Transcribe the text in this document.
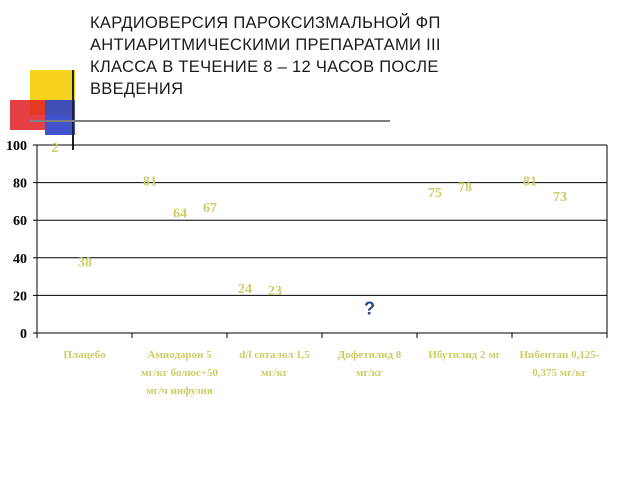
КАРДИОВЕРСИЯ ПАРОКСИЗМАЛЬНОЙ ФП
АНТИАРИТМИЧЕСКИМИ ПРЕПАРАТАМИ III
КЛАССА В ТЕЧЕНИЕ 8 – 12 ЧАСОВ ПОСЛЕ
ВВЕДЕНИЯ
0
20
40
60
80
100
Плацебо	Амиодарон 5
мг/кг болюс+50
мг/ч инфузия
d/l соталол 1,5
мг/кг
Дофетилид 8
мг/кг
Ибутилид 2 мг Нибентан 0,125-
0,375 мг/кг
2
38
81
64 67
24 23
75 78	81
73
?
